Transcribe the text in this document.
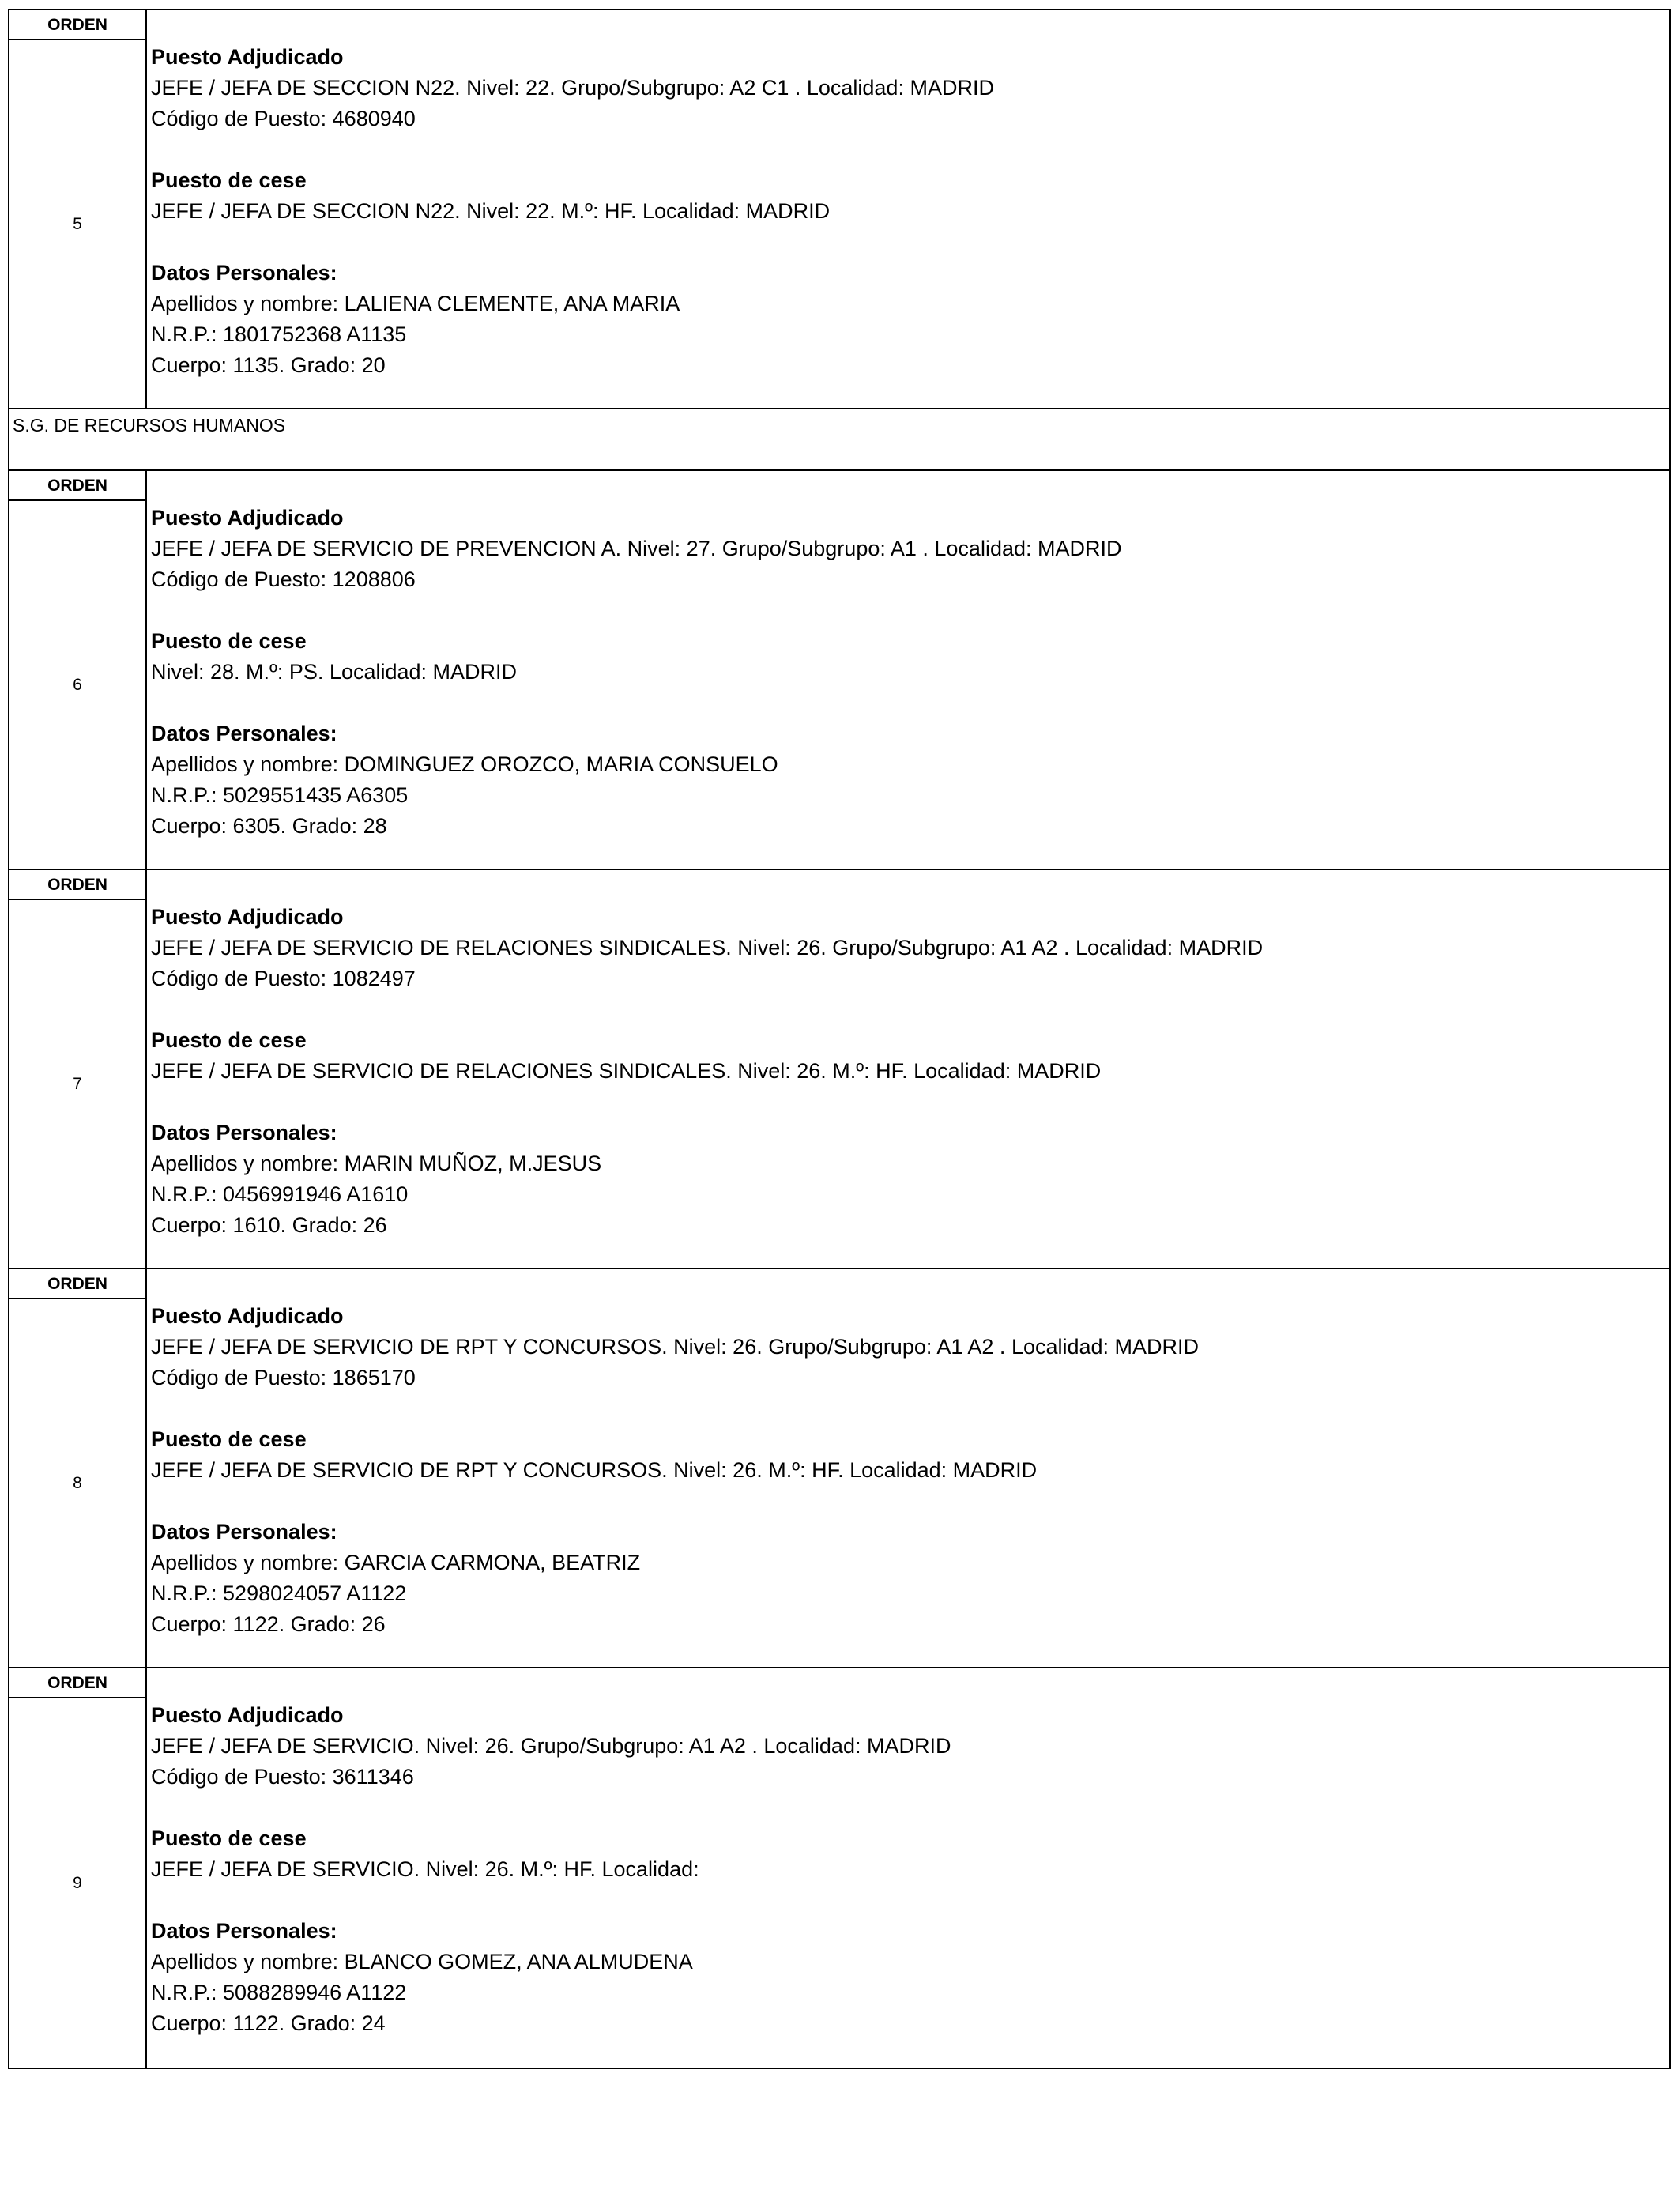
ORDEN
5
Puesto Adjudicado
JEFE / JEFA DE SECCION N22. Nivel: 22. Grupo/Subgrupo: A2 C1 . Localidad: MADRID
Código de Puesto: 4680940
Puesto de cese
JEFE / JEFA DE SECCION N22. Nivel: 22. M.º: HF. Localidad: MADRID
Datos Personales:
Apellidos y nombre: LALIENA CLEMENTE, ANA MARIA
N.R.P.: 1801752368 A1135
Cuerpo: 1135. Grado: 20
S.G. DE RECURSOS HUMANOS
ORDEN
6
Puesto Adjudicado
JEFE / JEFA DE SERVICIO DE PREVENCION A. Nivel: 27. Grupo/Subgrupo: A1 . Localidad: MADRID
Código de Puesto: 1208806
Puesto de cese
Nivel: 28. M.º: PS. Localidad: MADRID
Datos Personales:
Apellidos y nombre: DOMINGUEZ OROZCO, MARIA CONSUELO
N.R.P.: 5029551435 A6305
Cuerpo: 6305. Grado: 28
ORDEN
7
Puesto Adjudicado
JEFE / JEFA DE SERVICIO DE RELACIONES SINDICALES. Nivel: 26. Grupo/Subgrupo: A1 A2 . Localidad: MADRID
Código de Puesto: 1082497
Puesto de cese
JEFE / JEFA DE SERVICIO DE RELACIONES SINDICALES. Nivel: 26. M.º: HF. Localidad: MADRID
Datos Personales:
Apellidos y nombre: MARIN MUÑOZ, M.JESUS
N.R.P.: 0456991946 A1610
Cuerpo: 1610. Grado: 26
ORDEN
8
Puesto Adjudicado
JEFE / JEFA DE SERVICIO DE RPT Y CONCURSOS. Nivel: 26. Grupo/Subgrupo: A1 A2 . Localidad: MADRID
Código de Puesto: 1865170
Puesto de cese
JEFE / JEFA DE SERVICIO DE RPT Y CONCURSOS. Nivel: 26. M.º: HF. Localidad: MADRID
Datos Personales:
Apellidos y nombre: GARCIA CARMONA, BEATRIZ
N.R.P.: 5298024057 A1122
Cuerpo: 1122. Grado: 26
ORDEN
9
Puesto Adjudicado
JEFE / JEFA DE SERVICIO. Nivel: 26. Grupo/Subgrupo: A1 A2 . Localidad: MADRID
Código de Puesto: 3611346
Puesto de cese
JEFE / JEFA DE SERVICIO. Nivel: 26. M.º: HF. Localidad:
Datos Personales:
Apellidos y nombre: BLANCO GOMEZ, ANA ALMUDENA
N.R.P.: 5088289946 A1122
Cuerpo: 1122. Grado: 24
